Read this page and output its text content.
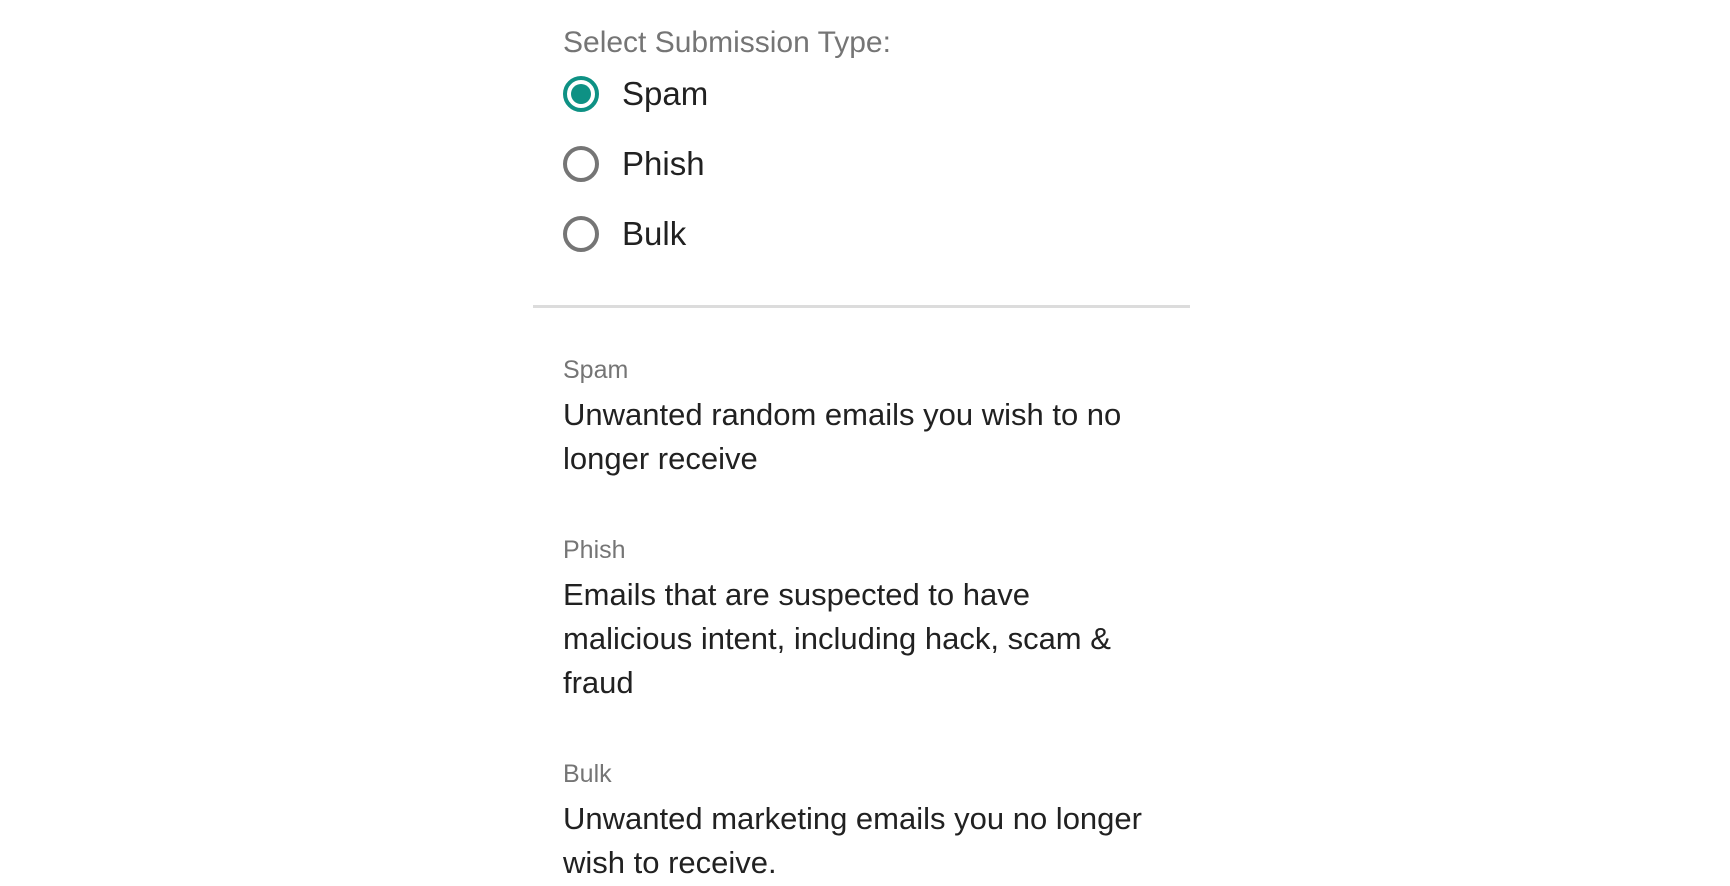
Select Submission Type:
Spam
Phish
Bulk
Spam
Unwanted random emails you wish to no
longer receive
Phish
Emails that are suspected to have
malicious intent, including hack, scam &
fraud
Bulk
Unwanted marketing emails you no longer
wish to receive.
